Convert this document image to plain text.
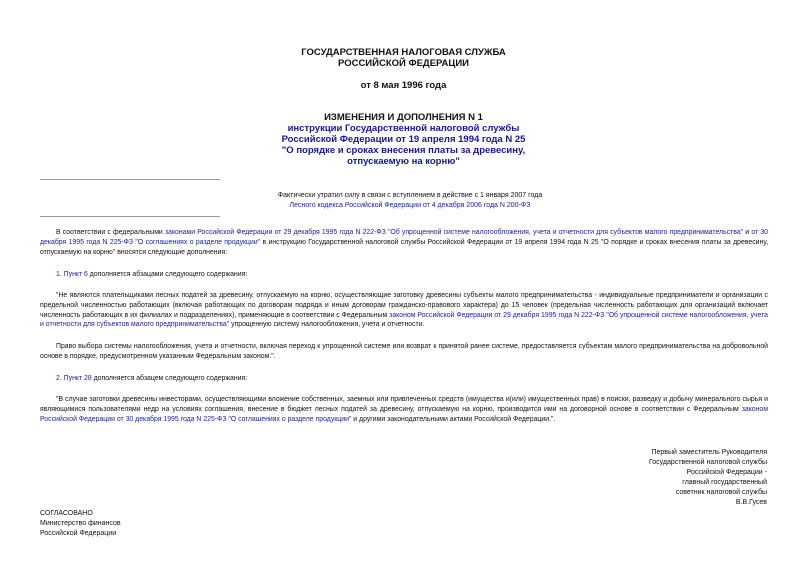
ГОСУДАРСТВЕННАЯ НАЛОГОВАЯ СЛУЖБА
РОССИЙСКОЙ ФЕДЕРАЦИИ
от 8 мая 1996 года
ИЗМЕНЕНИЯ И ДОПОЛНЕНИЯ N 1
инструкции Государственной налоговой службы
Российской Федерации от 19 апреля 1994 года N 25
"О порядке и сроках внесения платы за древесину,
отпускаемую на корню"
Фактически утратил силу в связи с вступлением в действие с 1 января 2007 года
Лесного кодекса Российской Федерации от 4 декабря 2006 года N 200-ФЗ
В соответствии с федеральными законами Российской Федерации от 29 декабря 1995 года N 222-ФЗ "Об упрощенной системе налогообложения, учета и отчетности для субъектов малого предпринимательства" и от 30 декабря 1995 года N 225-ФЗ "О соглашениях о разделе продукции" в инструкцию Государственной налоговой службы Российской Федерации от 19 апреля 1994 года N 25 "О порядке и сроках внесения платы за древесину, отпускаемую на корню" вносятся следующие дополнения:
1. Пункт 6 дополняется абзацами следующего содержания:
"Не являются плательщиками лесных податей за древесину, отпускаемую на корню, осуществляющие заготовку древесины субъекты малого предпринимательства - индивидуальные предприниматели и организации с предельной численностью работающих (включая работающих по договорам подряда и иным договорам гражданско-правового характера) до 15 человек (предельная численность работающих для организаций включает численность работающих в их филиалах и подразделениях), применяющие в соответствии с Федеральным законом Российской Федерации от 29 декабря 1995 года N 222-ФЗ "Об упрощенной системе налогообложения, учета и отчетности для субъектов малого предпринимательства" упрощенную систему налогообложения, учета и отчетности.
Право выбора системы налогообложения, учета и отчетности, включая переход к упрощенной системе или возврат к принятой ранее системе, предоставляется субъектам малого предпринимательства на добровольной основе в порядке, предусмотренном указанным Федеральным законом.".
2. Пункт 28 дополняется абзацем следующего содержания:
"В случае заготовки древесины инвесторами, осуществляющими вложение собственных, заемных или привлеченных средств (имущества и(или) имущественных прав) в поиски, разведку и добычу минерального сырья и являющимися пользователями недр на условиях соглашения, внесение в бюджет лесных податей за древесину, отпускаемую на корню, производится ими на договорной основе в соответствии с Федеральным законом Российской Федерации от 30 декабря 1995 года N 225-ФЗ "О соглашениях о разделе продукции" и другими законодательными актами Российской Федерации.".
Первый заместитель Руководителя
Государственной налоговой службы
Российской Федерации -
главный государственный
советник налоговой службы
В.В.Гусев
СОГЛАСОВАНО
Министерство финансов
Российской Федерации
